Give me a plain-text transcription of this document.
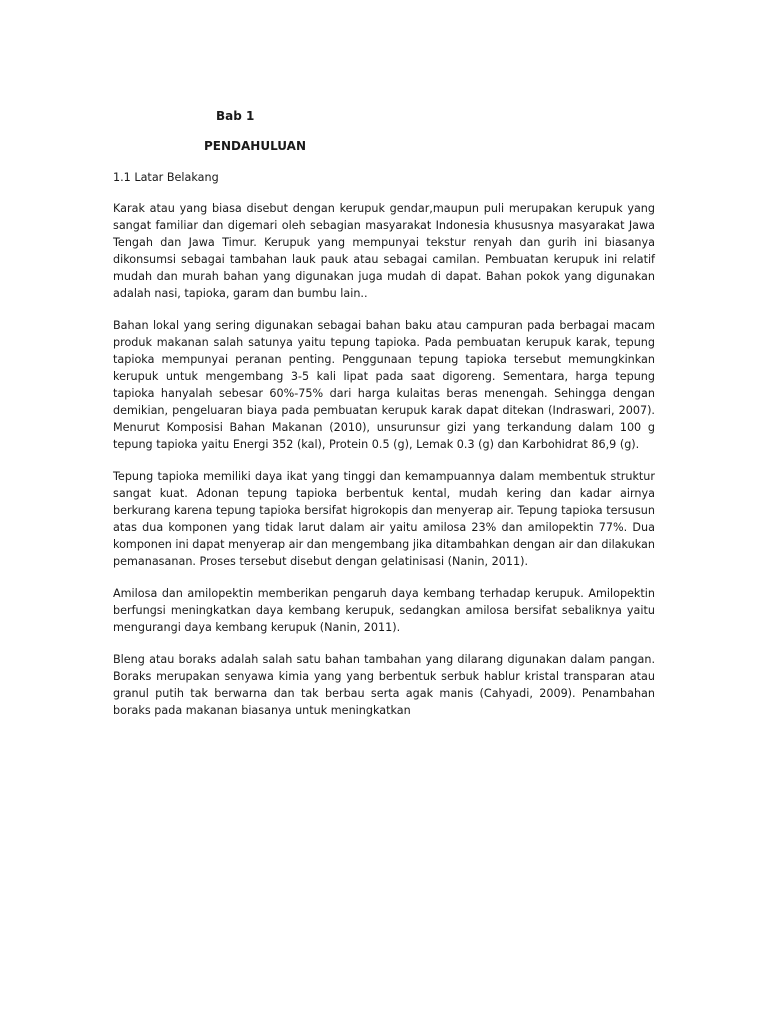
Bab 1

PENDAHULUAN
1.1 Latar Belakang

Karak atau yang biasa disebut dengan kerupuk gendar,maupun puli merupakan kerupuk yang sangat familiar dan digemari oleh sebagian masyarakat Indonesia khususnya masyarakat Jawa Tengah dan Jawa Timur. Kerupuk yang mempunyai tekstur renyah dan gurih ini biasanya dikonsumsi sebagai tambahan lauk pauk atau sebagai camilan. Pembuatan kerupuk ini relatif mudah dan murah bahan yang digunakan juga mudah di dapat. Bahan pokok yang digunakan adalah nasi, tapioka, garam dan bumbu lain..

Bahan lokal yang sering digunakan sebagai bahan baku atau campuran pada berbagai macam produk makanan salah satunya yaitu tepung tapioka. Pada pembuatan kerupuk karak, tepung tapioka mempunyai peranan penting. Penggunaan tepung tapioka tersebut memungkinkan kerupuk untuk mengembang 3-5 kali lipat pada saat digoreng. Sementara, harga tepung tapioka hanyalah sebesar 60%-75% dari harga kulaitas beras menengah. Sehingga dengan demikian, pengeluaran biaya pada pembuatan kerupuk karak dapat ditekan (Indraswari, 2007). Menurut Komposisi Bahan Makanan (2010), unsurunsur gizi yang terkandung dalam 100 g tepung tapioka yaitu Energi 352 (kal), Protein 0.5 (g), Lemak 0.3 (g) dan Karbohidrat 86,9 (g).

Tepung tapioka memiliki daya ikat yang tinggi dan kemampuannya dalam membentuk struktur sangat kuat. Adonan tepung tapioka berbentuk kental, mudah kering dan kadar airnya berkurang karena tepung tapioka bersifat higrokopis dan menyerap air. Tepung tapioka tersusun atas dua komponen yang tidak larut dalam air yaitu amilosa 23% dan amilopektin 77%. Dua komponen ini dapat menyerap air dan mengembang jika ditambahkan dengan air dan dilakukan pemanasanan. Proses tersebut disebut dengan gelatinisasi (Nanin, 2011).

Amilosa dan amilopektin memberikan pengaruh daya kembang terhadap kerupuk. Amilopektin berfungsi meningkatkan daya kembang kerupuk, sedangkan amilosa bersifat sebaliknya yaitu mengurangi daya kembang kerupuk (Nanin, 2011).

Bleng atau boraks adalah salah satu bahan tambahan yang dilarang digunakan dalam pangan. Boraks merupakan senyawa kimia yang yang berbentuk serbuk hablur kristal transparan atau granul putih tak berwarna dan tak berbau serta agak manis (Cahyadi, 2009). Penambahan boraks pada makanan biasanya untuk meningkatkan
